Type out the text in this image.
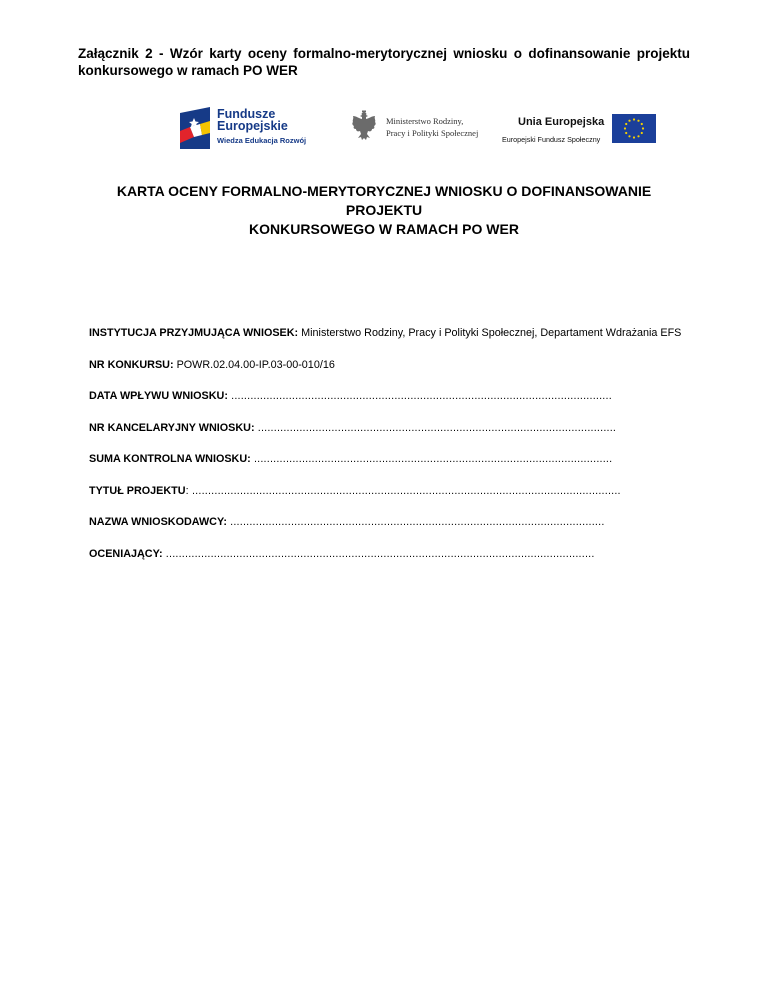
Załącznik 2 - Wzór karty oceny formalno-merytorycznej wniosku o dofinansowanie projektu konkursowego w ramach PO WER
Fundusze
Europejskie
Wiedza Edukacja Rozwój
Ministerstwo Rodziny,
Pracy i Polityki Społecznej
Unia Europejska
Europejski Fundusz Społeczny
KARTA OCENY FORMALNO-MERYTORYCZNEJ WNIOSKU O DOFINANSOWANIE PROJEKTU
KONKURSOWEGO W RAMACH PO WER
INSTYTUCJA PRZYJMUJĄCA WNIOSEK: Ministerstwo Rodziny, Pracy i Polityki Społecznej, Departament Wdrażania EFS
NR KONKURSU: POWR.02.04.00-IP.03-00-010/16
DATA WPŁYWU WNIOSKU: .......................................................................................................................
NR KANCELARYJNY WNIOSKU: ................................................................................................................
SUMA KONTROLNA WNIOSKU: ................................................................................................................
TYTUŁ PROJEKTU: ......................................................................................................................................
NAZWA WNIOSKODAWCY: .....................................................................................................................
OCENIAJĄCY: ......................................................................................................................................
